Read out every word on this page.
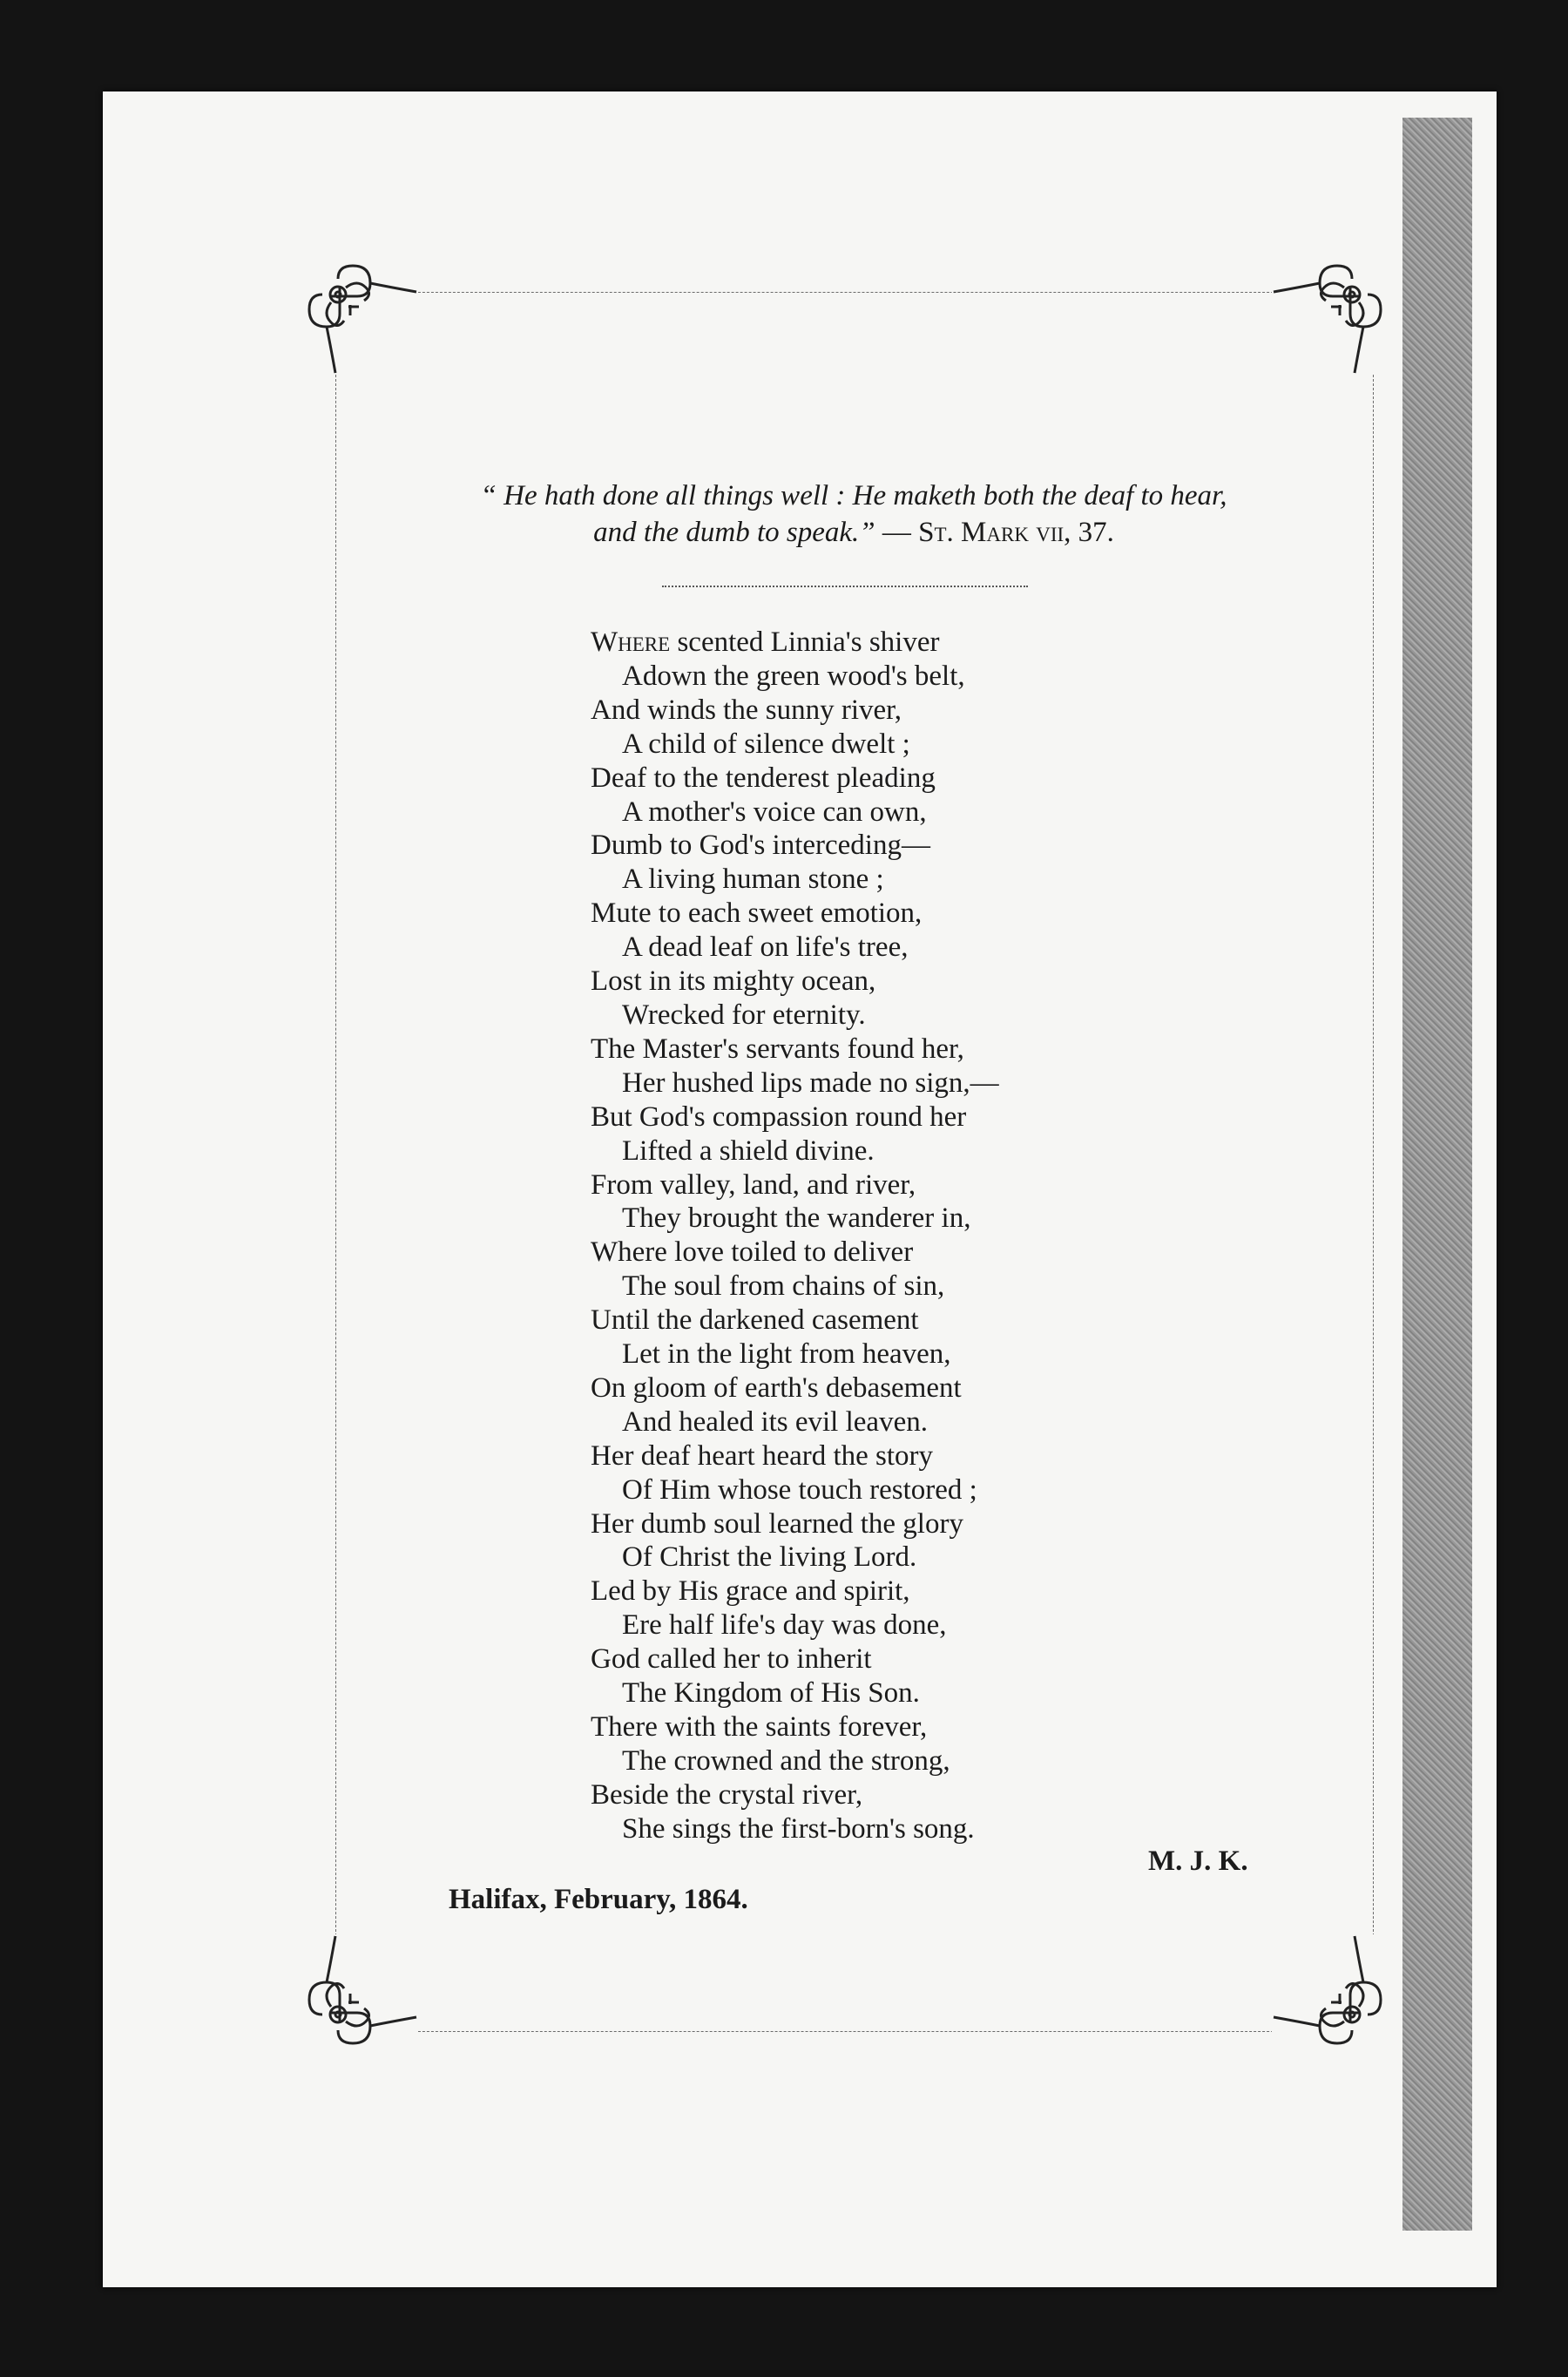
“ He hath done all things well : He maketh both the deaf to hear,
and the dumb to speak.” — St. Mark vii, 37.
Where scented Linnia's shiver
Adown the green wood's belt,
And winds the sunny river,
A child of silence dwelt ;
Deaf to the tenderest pleading
A mother's voice can own,
Dumb to God's interceding—
A living human stone ;
Mute to each sweet emotion,
A dead leaf on life's tree,
Lost in its mighty ocean,
Wrecked for eternity.
The Master's servants found her,
Her hushed lips made no sign,—
But God's compassion round her
Lifted a shield divine.
From valley, land, and river,
They brought the wanderer in,
Where love toiled to deliver
The soul from chains of sin,
Until the darkened casement
Let in the light from heaven,
On gloom of earth's debasement
And healed its evil leaven.
Her deaf heart heard the story
Of Him whose touch restored ;
Her dumb soul learned the glory
Of Christ the living Lord.
Led by His grace and spirit,
Ere half life's day was done,
God called her to inherit
The Kingdom of His Son.
There with the saints forever,
The crowned and the strong,
Beside the crystal river,
She sings the first-born's song.
M. J. K.
Halifax, February, 1864.
